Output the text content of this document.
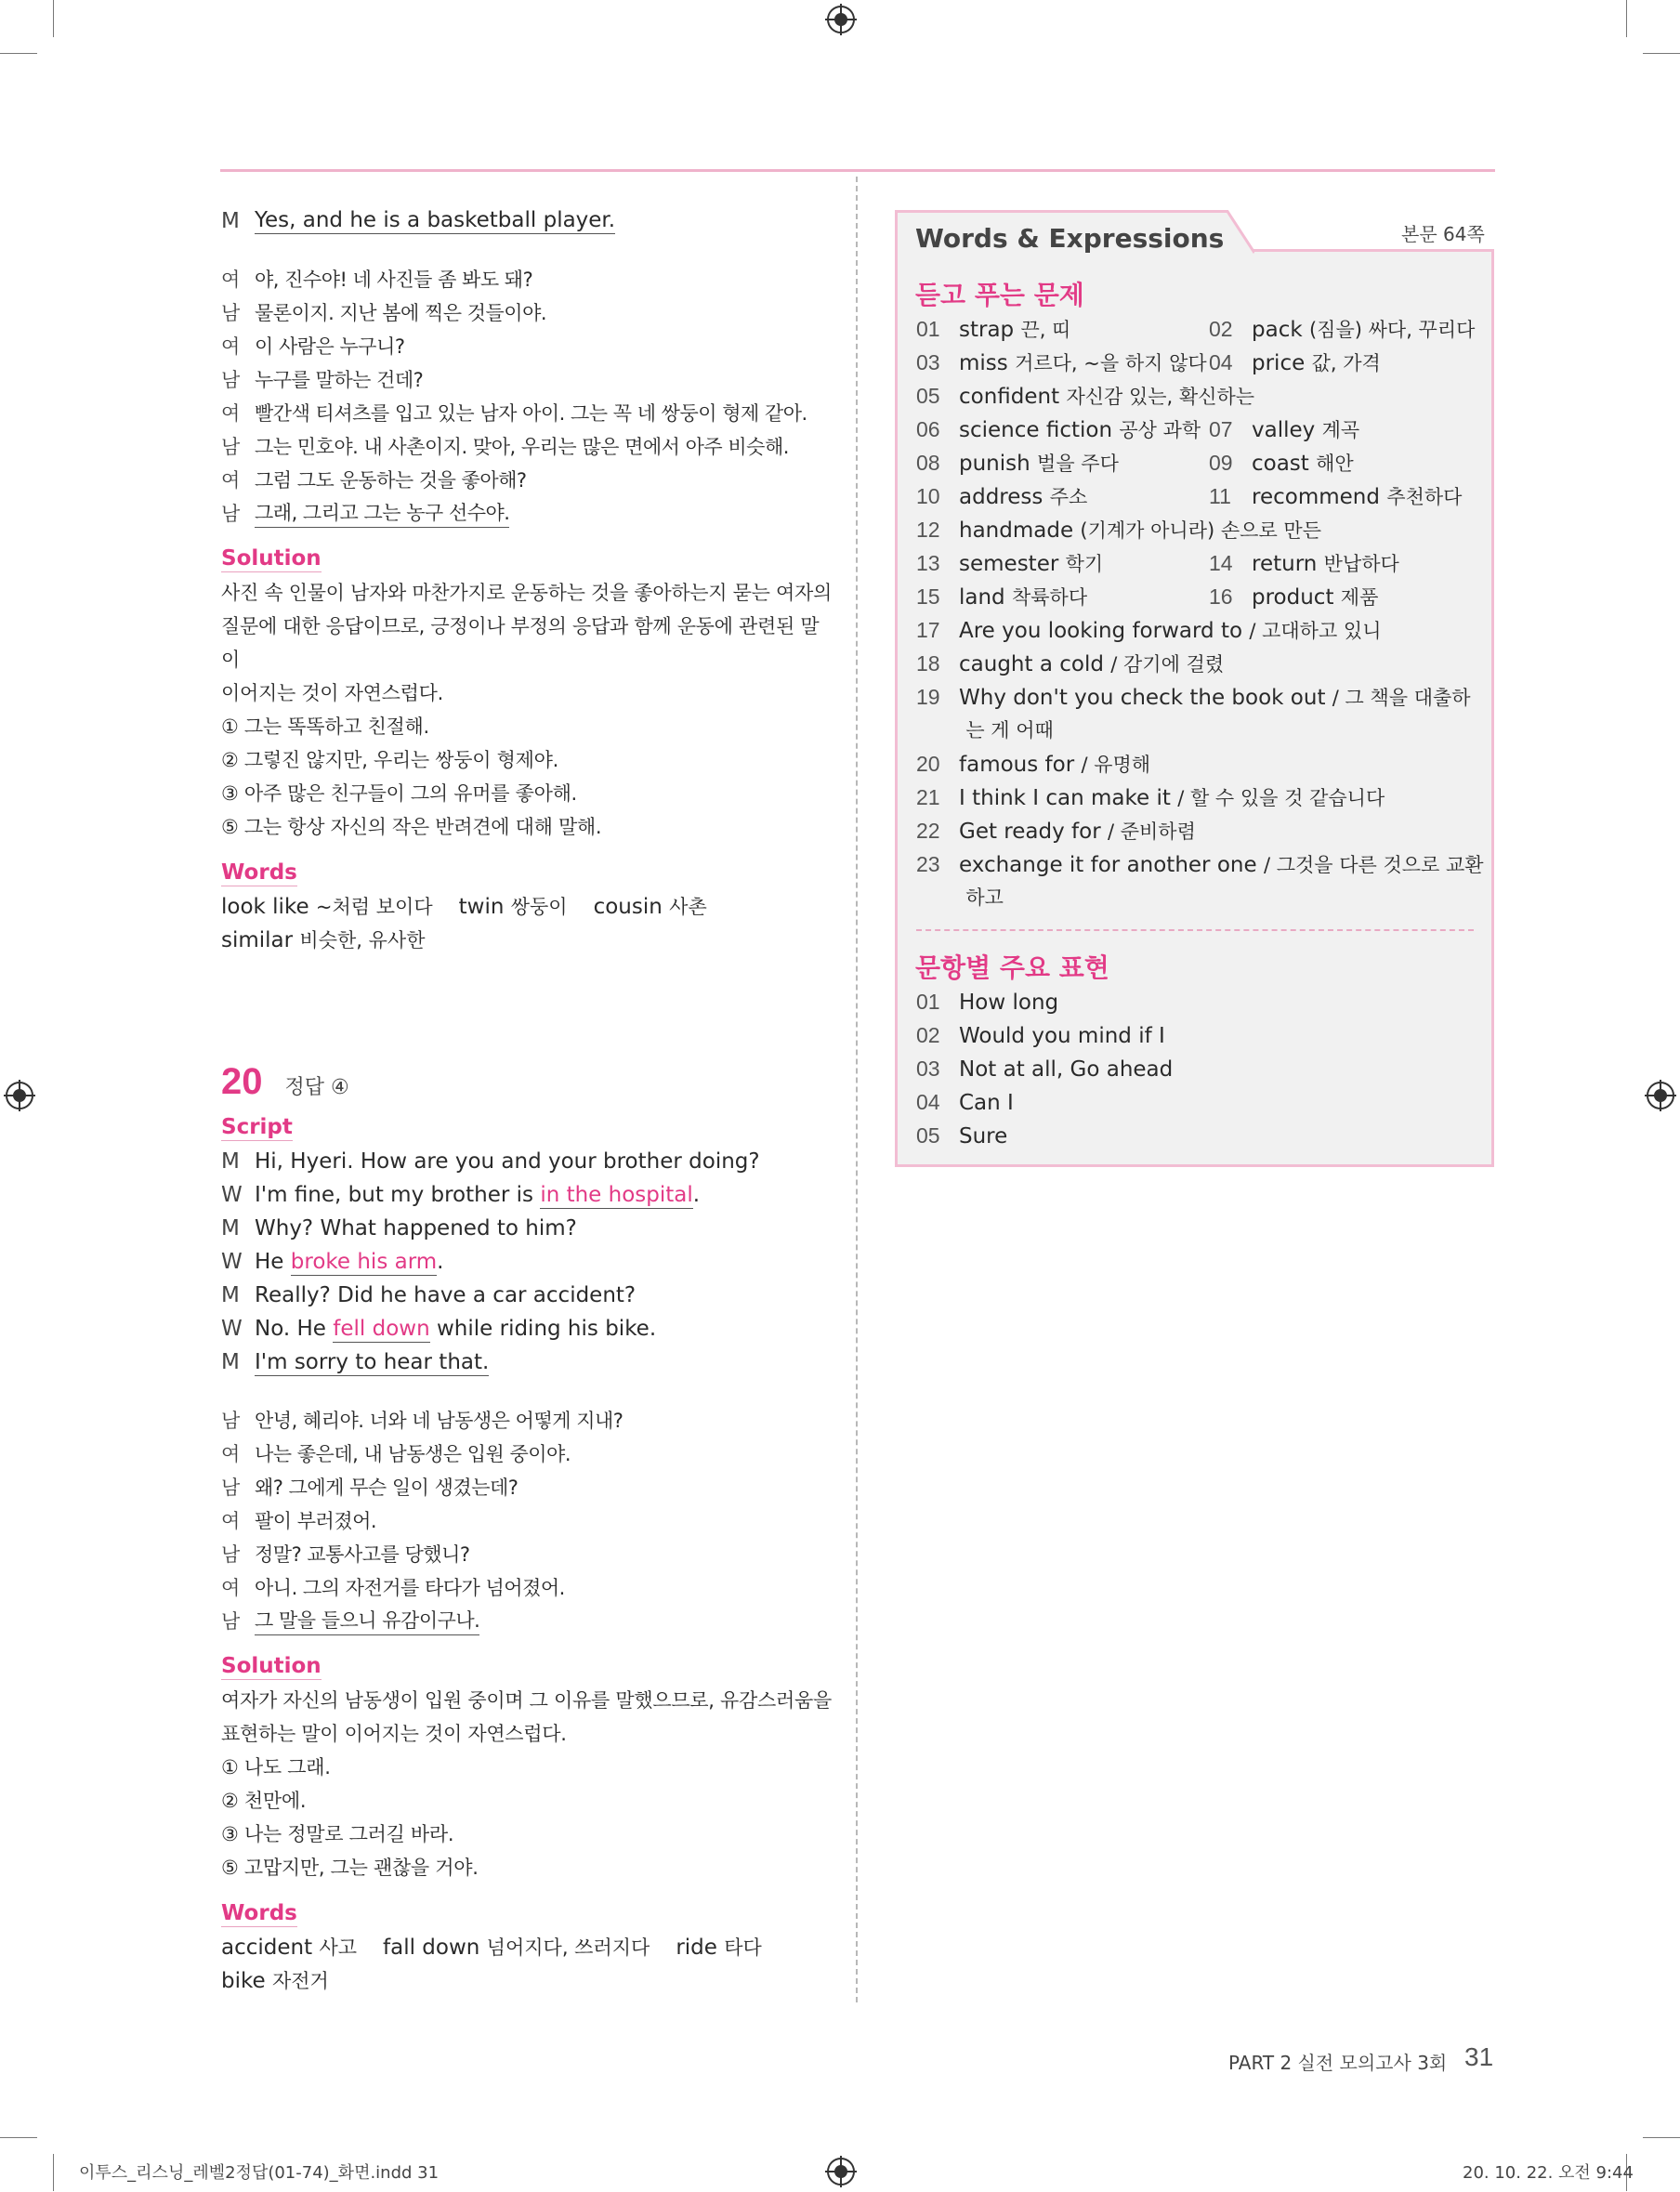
M Yes, and he is a basketball player.
여 야, 진수야! 네 사진들 좀 봐도 돼?
남 물론이지. 지난 봄에 찍은 것들이야.
여 이 사람은 누구니?
남 누구를 말하는 건데?
여 빨간색 티셔츠를 입고 있는 남자 아이. 그는 꼭 네 쌍둥이 형제 같아.
남 그는 민호야. 내 사촌이지. 맞아, 우리는 많은 면에서 아주 비슷해.
여 그럼 그도 운동하는 것을 좋아해?
남 그래, 그리고 그는 농구 선수야.
Solution
사진 속 인물이 남자와 마찬가지로 운동하는 것을 좋아하는지 묻는 여자의
질문에 대한 응답이므로, 긍정이나 부정의 응답과 함께 운동에 관련된 말이
이어지는 것이 자연스럽다.
① 그는 똑똑하고 친절해.
② 그렇진 않지만, 우리는 쌍둥이 형제야.
③ 아주 많은 친구들이 그의 유머를 좋아해.
⑤ 그는 항상 자신의 작은 반려견에 대해 말해.
Words
look like ~처럼 보이다 twin 쌍둥이 cousin 사촌
similar 비슷한, 유사한
20 정답 ④
Script
M Hi, Hyeri. How are you and your brother doing?
W I'm fine, but my brother is in the hospital.
M Why? What happened to him?
W He broke his arm.
M Really? Did he have a car accident?
W No. He fell down while riding his bike.
M I'm sorry to hear that.
남 안녕, 혜리야. 너와 네 남동생은 어떻게 지내?
여 나는 좋은데, 내 남동생은 입원 중이야.
남 왜? 그에게 무슨 일이 생겼는데?
여 팔이 부러졌어.
남 정말? 교통사고를 당했니?
여 아니. 그의 자전거를 타다가 넘어졌어.
남 그 말을 들으니 유감이구나.
Solution
여자가 자신의 남동생이 입원 중이며 그 이유를 말했으므로, 유감스러움을
표현하는 말이 이어지는 것이 자연스럽다.
① 나도 그래.
② 천만에.
③ 나는 정말로 그러길 바라.
⑤ 고맙지만, 그는 괜찮을 거야.
Words
accident 사고 fall down 넘어지다, 쓰러지다 ride 타다
bike 자전거
Words & Expressions	본문 64쪽
듣고 푸는 문제
01 strap 끈, 띠	02 pack (짐을) 싸다, 꾸리다
03 miss 거르다, ~을 하지 않다 04 price 값, 가격
05 confident 자신감 있는, 확신하는
06 science fiction 공상 과학 07 valley 계곡
08 punish 벌을 주다	09 coast 해안
10 address 주소	11 recommend 추천하다
12 handmade (기계가 아니라) 손으로 만든
13 semester 학기	14 return 반납하다
15 land 착륙하다	16 product 제품
17 Are you looking forward to / 고대하고 있니
18 caught a cold / 감기에 걸렸
19 Why don't you check the book out / 그 책을 대출하
는 게 어때
20 famous for / 유명해
21 I think I can make it / 할 수 있을 것 같습니다
22 Get ready for / 준비하렴
23 exchange it for another one / 그것을 다른 것으로 교환
하고
문항별 주요 표현
01 How long
02 Would you mind if I
03 Not at all, Go ahead
04 Can I
05 Sure
PART 2 실전 모의고사 3회 31
이투스_리스닝_레벨2정답(01-74)_화면.indd 31	20. 10. 22. 오전 9:44
